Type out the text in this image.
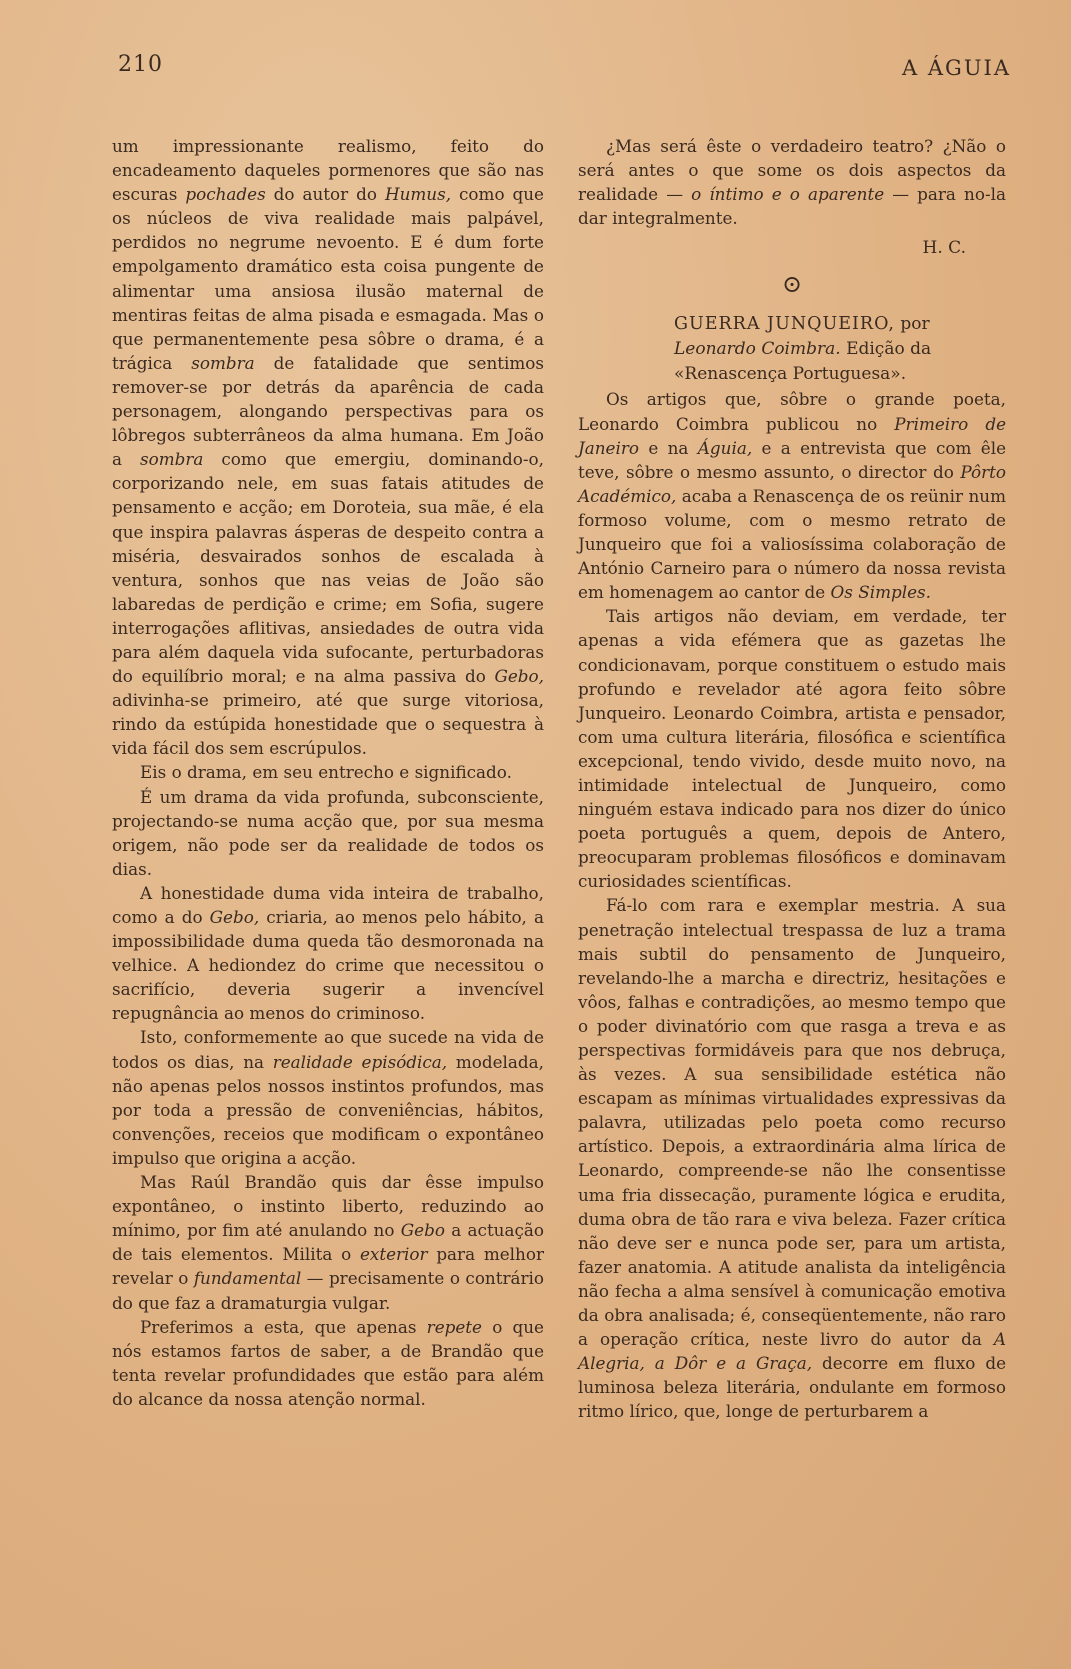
210	A ÁGUIA

um impressionante realismo, feito do encadeamento daqueles pormenores que são nas escuras pochades do autor do Humus, como que os núcleos de viva realidade mais palpável, perdidos no negrume nevoento. E é dum forte empolgamento dramático esta coisa pungente de alimentar uma ansiosa ilusão maternal de mentiras feitas de alma pisada e esmagada. Mas o que permanentemente pesa sôbre o drama, é a trágica sombra de fatalidade que sentimos remover-se por detrás da aparência de cada personagem, alongando perspectivas para os lôbregos subterrâneos da alma humana. Em João a sombra como que emergiu, dominando-o, corporizando nele, em suas fatais atitudes de pensamento e acção; em Doroteia, sua mãe, é ela que inspira palavras ásperas de despeito contra a miséria, desvairados sonhos de escalada à ventura, sonhos que nas veias de João são labaredas de perdição e crime; em Sofia, sugere interrogações aflitivas, ansiedades de outra vida para além daquela vida sufocante, perturbadoras do equilíbrio moral; e na alma passiva do Gebo, adivinha-se primeiro, até que surge vitoriosa, rindo da estúpida honestidade que o sequestra à vida fácil dos sem escrúpulos.

Eis o drama, em seu entrecho e significado.

É um drama da vida profunda, subconsciente, projectando-se numa acção que, por sua mesma origem, não pode ser da realidade de todos os dias.

A honestidade duma vida inteira de trabalho, como a do Gebo, criaria, ao menos pelo hábito, a impossibilidade duma queda tão desmoronada na velhice. A hediondez do crime que necessitou o sacrifício, deveria sugerir a invencível repugnância ao menos do criminoso.

Isto, conformemente ao que sucede na vida de todos os dias, na realidade episódica, modelada, não apenas pelos nossos instintos profundos, mas por toda a pressão de conveniências, hábitos, convenções, receios que modificam o expontâneo impulso que origina a acção.

Mas Raúl Brandão quis dar êsse impulso expontâneo, o instinto liberto, reduzindo ao mínimo, por fim até anulando no Gebo a actuação de tais elementos. Milita o exterior para melhor revelar o fundamental — precisamente o contrário do que faz a dramaturgia vulgar.

Preferimos a esta, que apenas repete o que nós estamos fartos de saber, a de Brandão que tenta revelar profundidades que estão para além do alcance da nossa atenção normal.

¿Mas será êste o verdadeiro teatro? ¿Não o será antes o que some os dois aspectos da realidade — o íntimo e o aparente — para no-la dar integralmente.

H. C.
⊙

GUERRA JUNQUEIRO, por Leonardo Coimbra. Edição da «Renascença Portuguesa».

Os artigos que, sôbre o grande poeta, Leonardo Coimbra publicou no Primeiro de Janeiro e na Águia, e a entrevista que com êle teve, sôbre o mesmo assunto, o director do Pôrto Académico, acaba a Renascença de os reünir num formoso volume, com o mesmo retrato de Junqueiro que foi a valiosíssima colaboração de António Carneiro para o número da nossa revista em homenagem ao cantor de Os Simples.

Tais artigos não deviam, em verdade, ter apenas a vida efémera que as gazetas lhe condicionavam, porque constituem o estudo mais profundo e revelador até agora feito sôbre Junqueiro. Leonardo Coimbra, artista e pensador, com uma cultura literária, filosófica e scientífica excepcional, tendo vivido, desde muito novo, na intimidade intelectual de Junqueiro, como ninguém estava indicado para nos dizer do único poeta português a quem, depois de Antero, preocuparam problemas filosóficos e dominavam curiosidades scientíficas.

Fá-lo com rara e exemplar mestria. A sua penetração intelectual trespassa de luz a trama mais subtil do pensamento de Junqueiro, revelando-lhe a marcha e directriz, hesitações e vôos, falhas e contradições, ao mesmo tempo que o poder divinatório com que rasga a treva e as perspectivas formidáveis para que nos debruça, às vezes. A sua sensibilidade estética não escapam as mínimas virtualidades expressivas da palavra, utilizadas pelo poeta como recurso artístico. Depois, a extraordinária alma lírica de Leonardo, compreende-se não lhe consentisse uma fria dissecação, puramente lógica e erudita, duma obra de tão rara e viva beleza. Fazer crítica não deve ser e nunca pode ser, para um artista, fazer anatomia. A atitude analista da inteligência não fecha a alma sensível à comunicação emotiva da obra analisada; é, conseqüentemente, não raro a operação crítica, neste livro do autor da A Alegria, a Dôr e a Graça, decorre em fluxo de luminosa beleza literária, ondulante em formoso ritmo lírico, que, longe de perturbarem a
